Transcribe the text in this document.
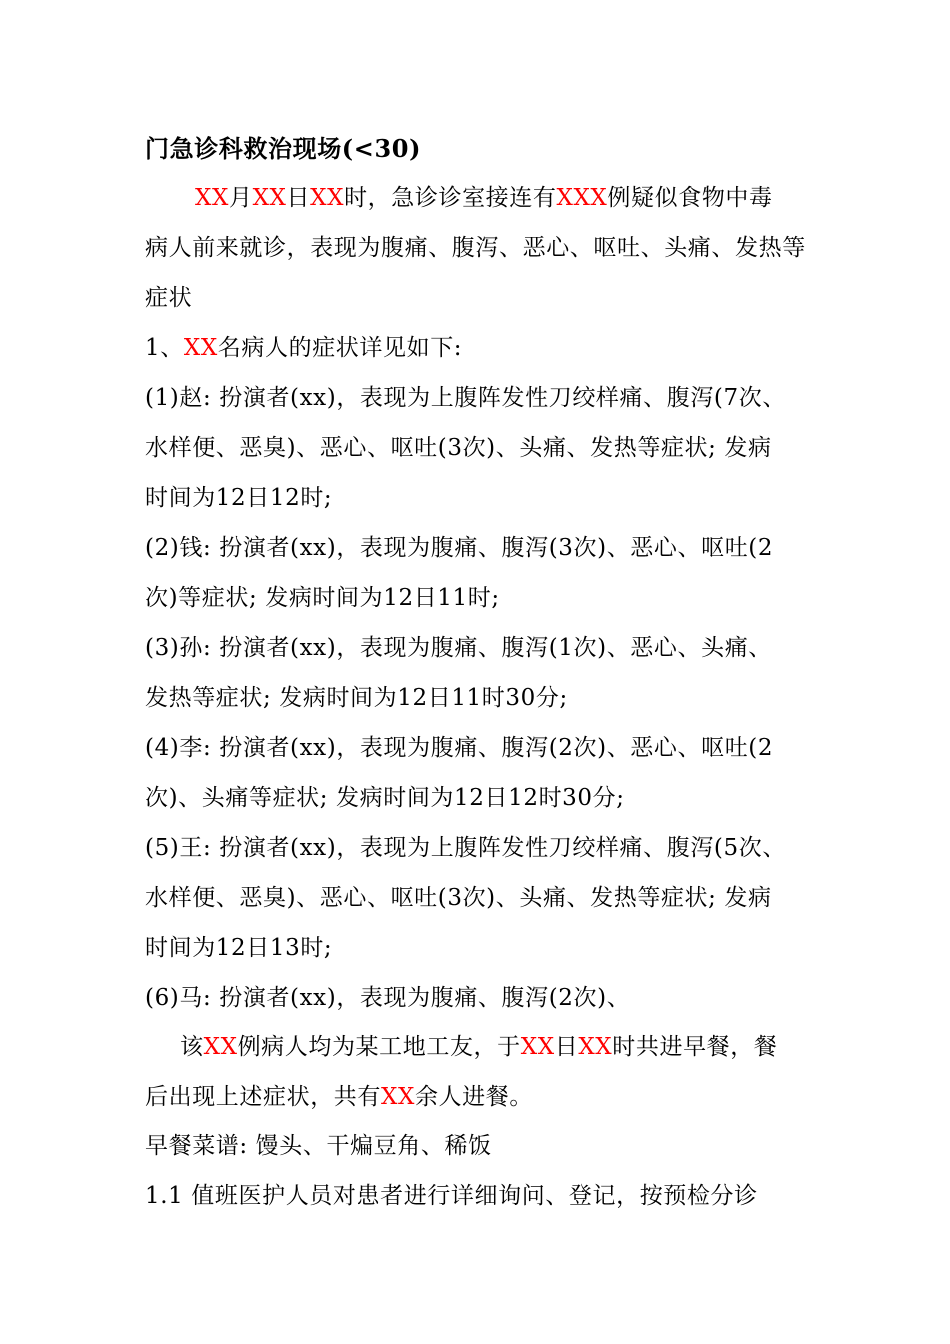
门急诊科救治现场(<30)
XX月XX日XX时，急诊诊室接连有XXX例疑似食物中毒
病人前来就诊，表现为腹痛、腹泻、恶心、呕吐、头痛、发热等
症状
1、XX名病人的症状详见如下:
(1)赵: 扮演者(xx)，表现为上腹阵发性刀绞样痛、腹泻(7次、
水样便、恶臭)、恶心、呕吐(3次)、头痛、发热等症状; 发病
时间为12日12时;
(2)钱: 扮演者(xx)，表现为腹痛、腹泻(3次)、恶心、呕吐(2
次)等症状; 发病时间为12日11时;
(3)孙: 扮演者(xx)，表现为腹痛、腹泻(1次)、恶心、头痛、
发热等症状; 发病时间为12日11时30分;
(4)李: 扮演者(xx)，表现为腹痛、腹泻(2次)、恶心、呕吐(2
次)、头痛等症状; 发病时间为12日12时30分;
(5)王: 扮演者(xx)，表现为上腹阵发性刀绞样痛、腹泻(5次、
水样便、恶臭)、恶心、呕吐(3次)、头痛、发热等症状; 发病
时间为12日13时;
(6)马: 扮演者(xx)，表现为腹痛、腹泻(2次)、
该XX例病人均为某工地工友，于XX日XX时共进早餐，餐
后出现上述症状，共有XX余人进餐。
早餐菜谱: 馒头、干煸豆角、稀饭
1.1 值班医护人员对患者进行详细询问、登记，按预检分诊
